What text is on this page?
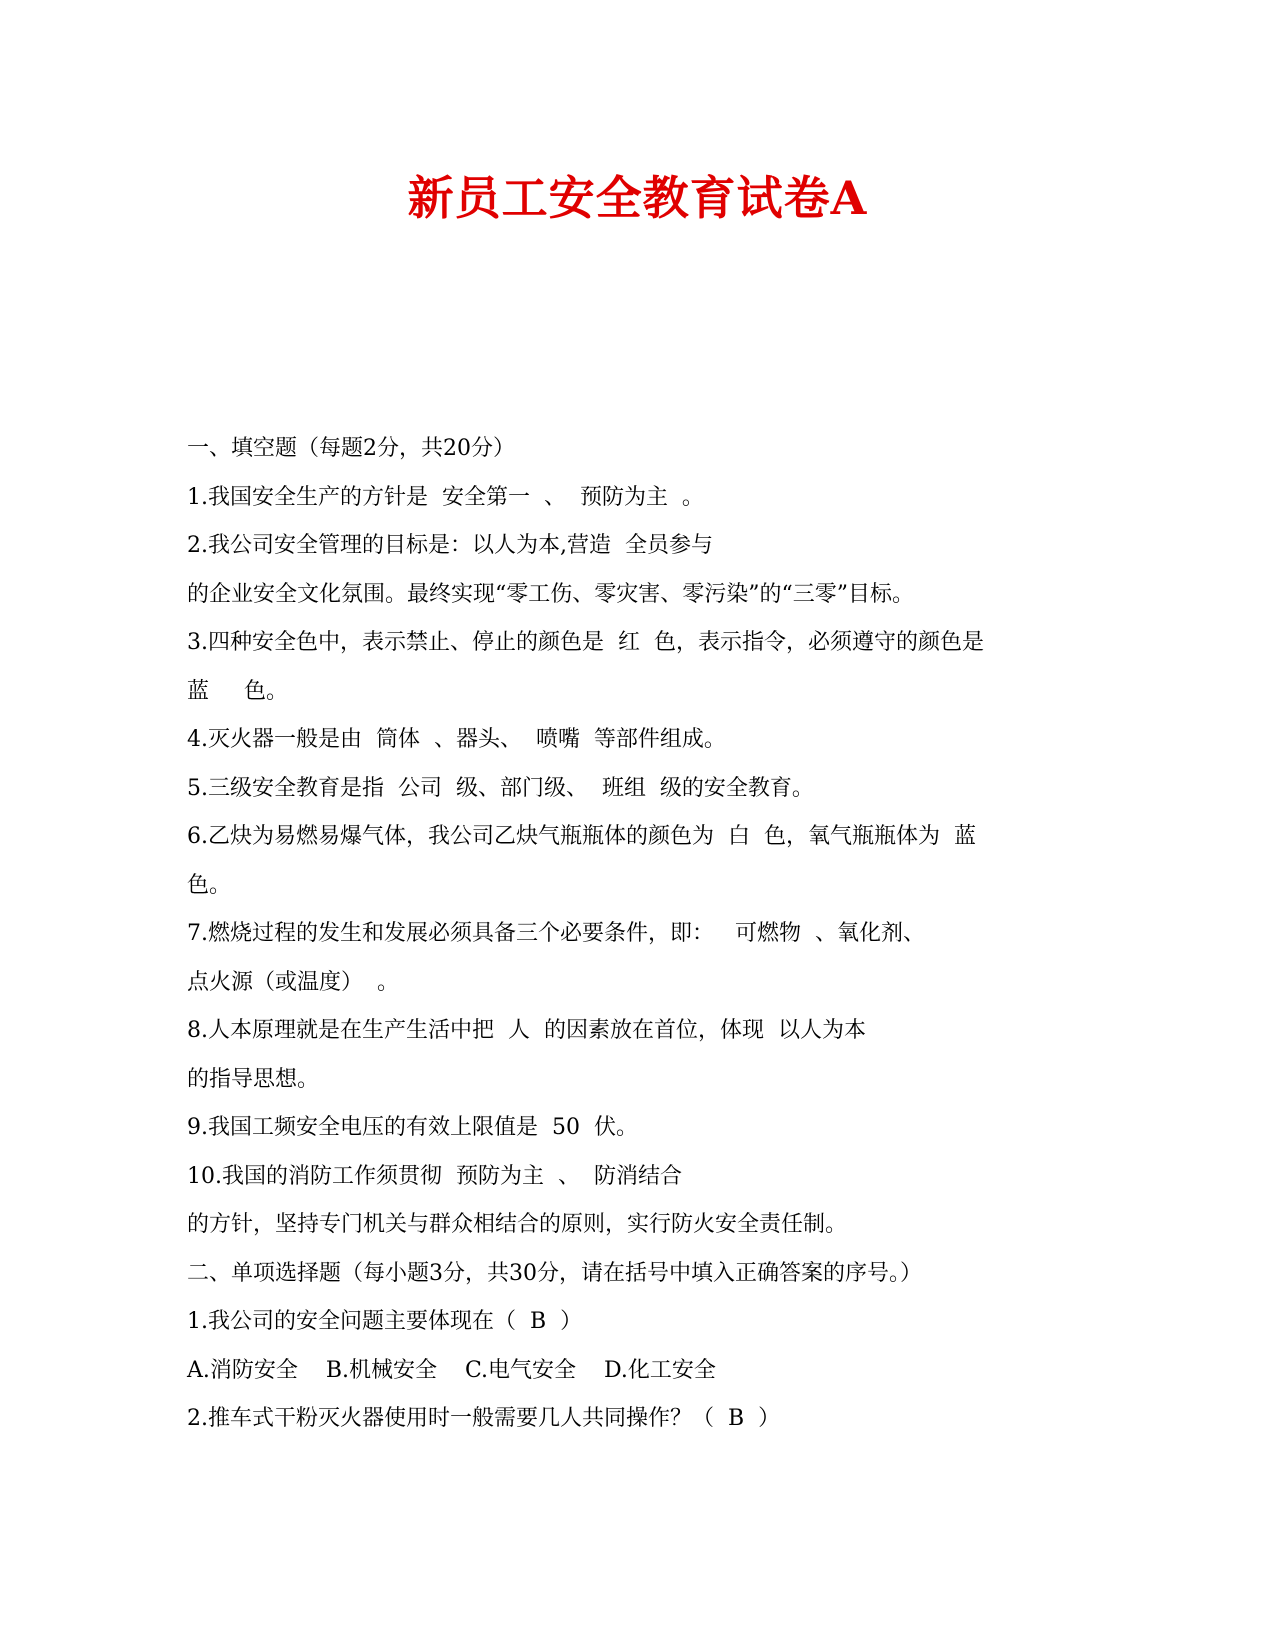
新员工安全教育试卷A
一、填空题（每题2分，共20分）
1.我国安全生产的方针是  安全第一  、  预防为主  。
2.我公司安全管理的目标是：以人为本,营造  全员参与
的企业安全文化氛围。最终实现“零工伤、零灾害、零污染”的“三零”目标。
3.四种安全色中，表示禁止、停止的颜色是  红  色，表示指令，必须遵守的颜色是
蓝     色。
4.灭火器一般是由  筒体  、器头、  喷嘴  等部件组成。
5.三级安全教育是指  公司  级、部门级、  班组  级的安全教育。
6.乙炔为易燃易爆气体，我公司乙炔气瓶瓶体的颜色为  白  色，氧气瓶瓶体为  蓝
色。
7.燃烧过程的发生和发展必须具备三个必要条件，即：   可燃物  、氧化剂、
点火源（或温度）  。
8.人本原理就是在生产生活中把  人  的因素放在首位，体现  以人为本
的指导思想。
9.我国工频安全电压的有效上限值是  50  伏。
10.我国的消防工作须贯彻  预防为主  、  防消结合
的方针，坚持专门机关与群众相结合的原则，实行防火安全责任制。
二、单项选择题（每小题3分，共30分，请在括号中填入正确答案的序号。）
1.我公司的安全问题主要体现在（  B  ）
A.消防安全    B.机械安全    C.电气安全    D.化工安全
2.推车式干粉灭火器使用时一般需要几人共同操作？（  B  ）
